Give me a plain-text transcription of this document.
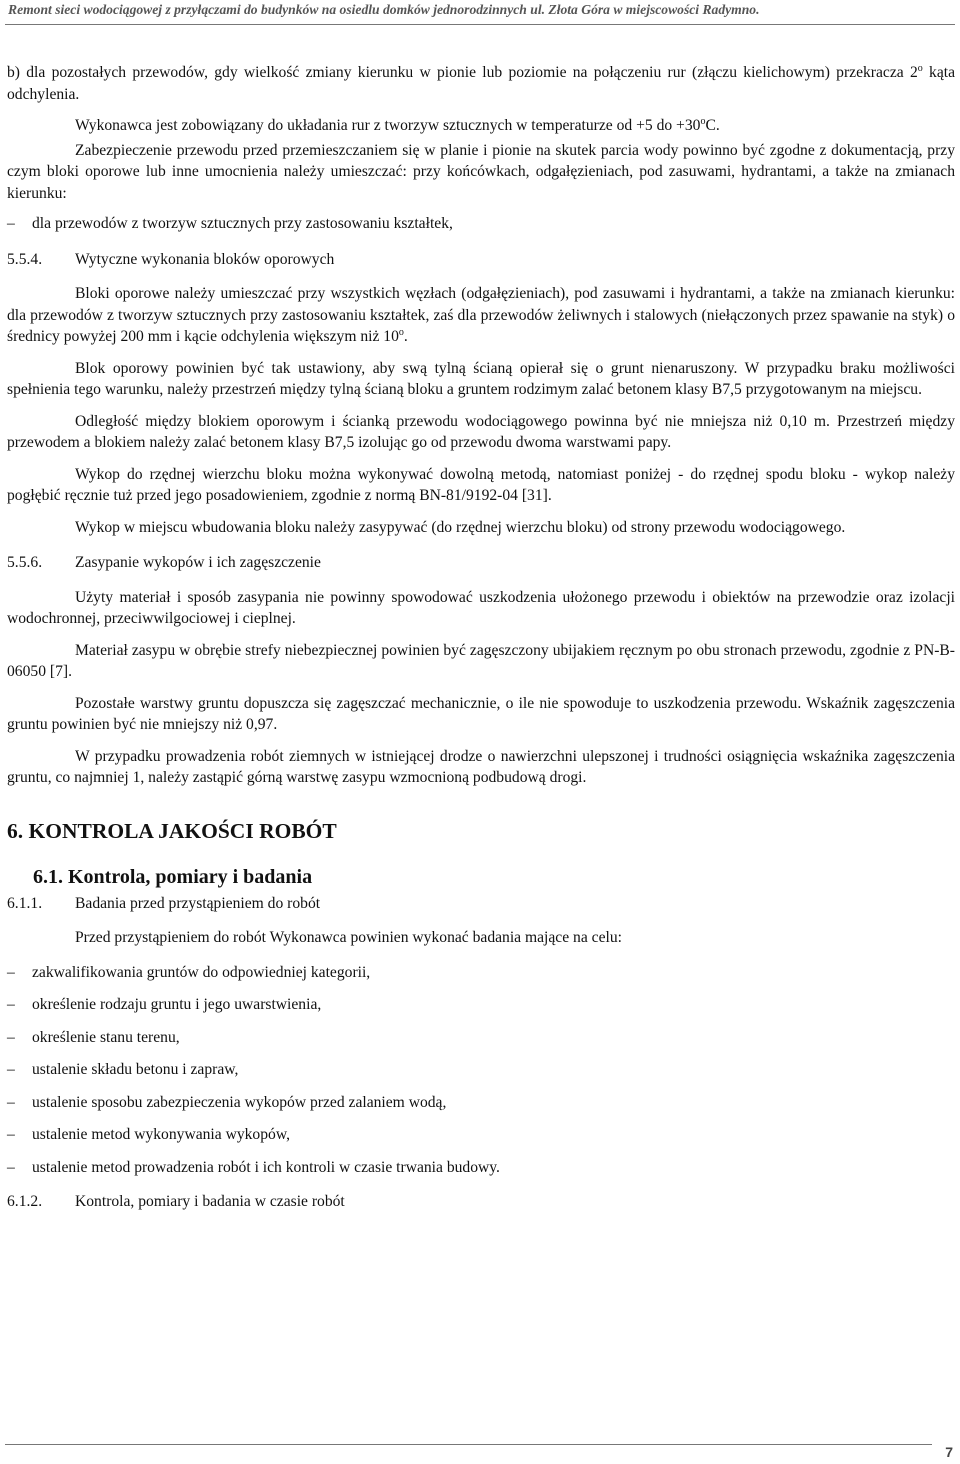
Remont sieci wodociągowej z przyłączami do budynków na osiedlu domków jednorodzinnych ul. Złota Góra w miejscowości Radymno.

b) dla pozostałych przewodów, gdy wielkość zmiany kierunku w pionie lub poziomie na połączeniu rur (złączu kielichowym) przekracza 2$^o$ kąta odchylenia.

Wykonawca jest zobowiązany do układania rur z tworzyw sztucznych w temperaturze od +5 do $+30^oC$.

Zabezpieczenie przewodu przed przemieszczaniem się w planie i pionie na skutek parcia wody powinno być zgodne z dokumentacją, przy czym bloki oporowe lub inne umocnienia należy umieszczać: przy końcówkach, odgałęzieniach, pod zasuwami, hydrantami, a także na zmianach kierunku:

– dla przewodów z tworzyw sztucznych przy zastosowaniu kształtek,

5.5.4. Wytyczne wykonania bloków oporowych

Bloki oporowe należy umieszczać przy wszystkich węzłach (odgałęzieniach), pod zasuwami i hydrantami, a także na zmianach kierunku: dla przewodów z tworzyw sztucznych przy zastosowaniu kształtek, zaś dla przewodów żeliwnych i stalowych (niełączonych przez spawanie na styk) o średnicy powyżej 200 mm i kącie odchylenia większym niż 10$^o$.

Blok oporowy powinien być tak ustawiony, aby swą tylną ścianą opierał się o grunt nienaruszony. W przypadku braku możliwości spełnienia tego warunku, należy przestrzeń między tylną ścianą bloku a gruntem rodzimym zalać betonem klasy B7,5 przygotowanym na miejscu.

Odległość między blokiem oporowym i ścianką przewodu wodociągowego powinna być nie mniejsza niż 0,10 m. Przestrzeń między przewodem a blokiem należy zalać betonem klasy B7,5 izolując go od przewodu dwoma warstwami papy.

Wykop do rzędnej wierzchu bloku można wykonywać dowolną metodą, natomiast poniżej - do rzędnej spodu bloku - wykop należy pogłębić ręcznie tuż przed jego posadowieniem, zgodnie z normą BN-81/9192-04 [31].

Wykop w miejscu wbudowania bloku należy zasypywać (do rzędnej wierzchu bloku) od strony przewodu wodociągowego.

5.5.6. Zasypanie wykopów i ich zagęszczenie

Użyty materiał i sposób zasypania nie powinny spowodować uszkodzenia ułożonego przewodu i obiektów na przewodzie oraz izolacji wodochronnej, przeciwwilgociowej i cieplnej.

Materiał zasypu w obrębie strefy niebezpiecznej powinien być zagęszczony ubijakiem ręcznym po obu stronach przewodu, zgodnie z PN-B-06050 [7].

Pozostałe warstwy gruntu dopuszcza się zagęszczać mechanicznie, o ile nie spowoduje to uszkodzenia przewodu. Wskaźnik zagęszczenia gruntu powinien być nie mniejszy niż 0,97.

W przypadku prowadzenia robót ziemnych w istniejącej drodze o nawierzchni ulepszonej i trudności osiągnięcia wskaźnika zagęszczenia gruntu, co najmniej 1, należy zastąpić górną warstwę zasypu wzmocnioną podbudową drogi.

6. KONTROLA JAKOŚCI ROBÓT
6.1. Kontrola, pomiary i badania

6.1.1. Badania przed przystąpieniem do robót

Przed przystąpieniem do robót Wykonawca powinien wykonać badania mające na celu:

– zakwalifikowania gruntów do odpowiedniej kategorii,

– określenie rodzaju gruntu i jego uwarstwienia,

– określenie stanu terenu,

– ustalenie składu betonu i zapraw,

– ustalenie sposobu zabezpieczenia wykopów przed zalaniem wodą,

– ustalenie metod wykonywania wykopów,

– ustalenie metod prowadzenia robót i ich kontroli w czasie trwania budowy.

6.1.2. Kontrola, pomiary i badania w czasie robót

7
